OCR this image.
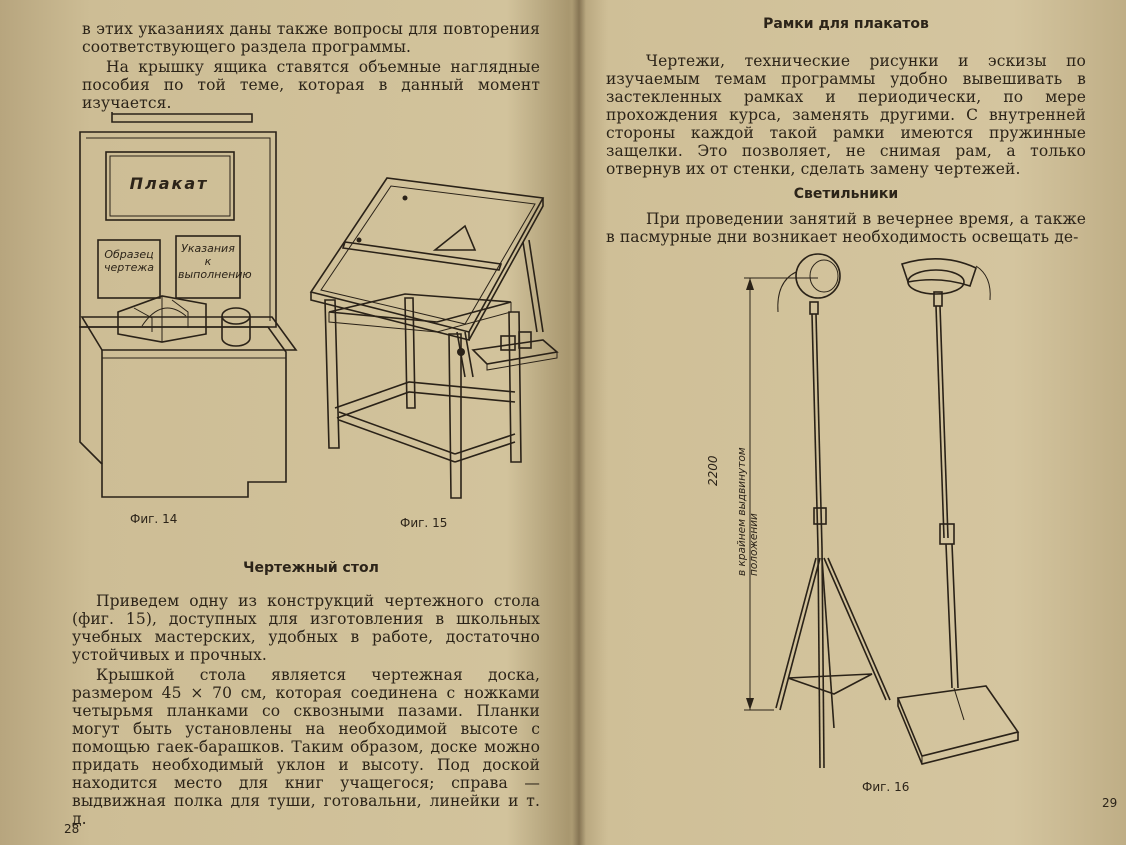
в этих указаниях даны также вопросы для повторения соответствующего раздела программы.

На крышку ящика ставятся объемные наглядные пособия по той теме, которая в данный момент изучается.

Плакат
Образец чертежа
Указания к выполнению

Фиг. 14	Фиг. 15

Чертежный стол

Приведем одну из конструкций чертежного стола (фиг. 15), доступных для изготовления в школьных учебных мастерских, удобных в работе, достаточно устойчивых и прочных.

Крышкой стола является чертежная доска, размером 45 × 70 см, которая соединена с ножками четырьмя планками со сквозными пазами. Планки могут быть установлены на необходимой высоте с помощью гаек-барашков. Таким образом, доске можно придать необходимый уклон и высоту. Под доской находится место для книг учащегося; справа — выдвижная полка для туши, готовальни, линейки и т. д.

28

Рамки для плакатов

Чертежи, технические рисунки и эскизы по изучаемым темам программы удобно вывешивать в застекленных рамках и периодически, по мере прохождения курса, заменять другими. С внутренней стороны каждой такой рамки имеются пружинные защелки. Это позволяет, не снимая рам, а только отвернув их от стенки, сделать замену чертежей.

Светильники

При проведении занятий в вечернее время, а также в пасмурные дни возникает необходимость освещать де-

2200 в крайнем выдвинутом положении

Фиг. 16

29
